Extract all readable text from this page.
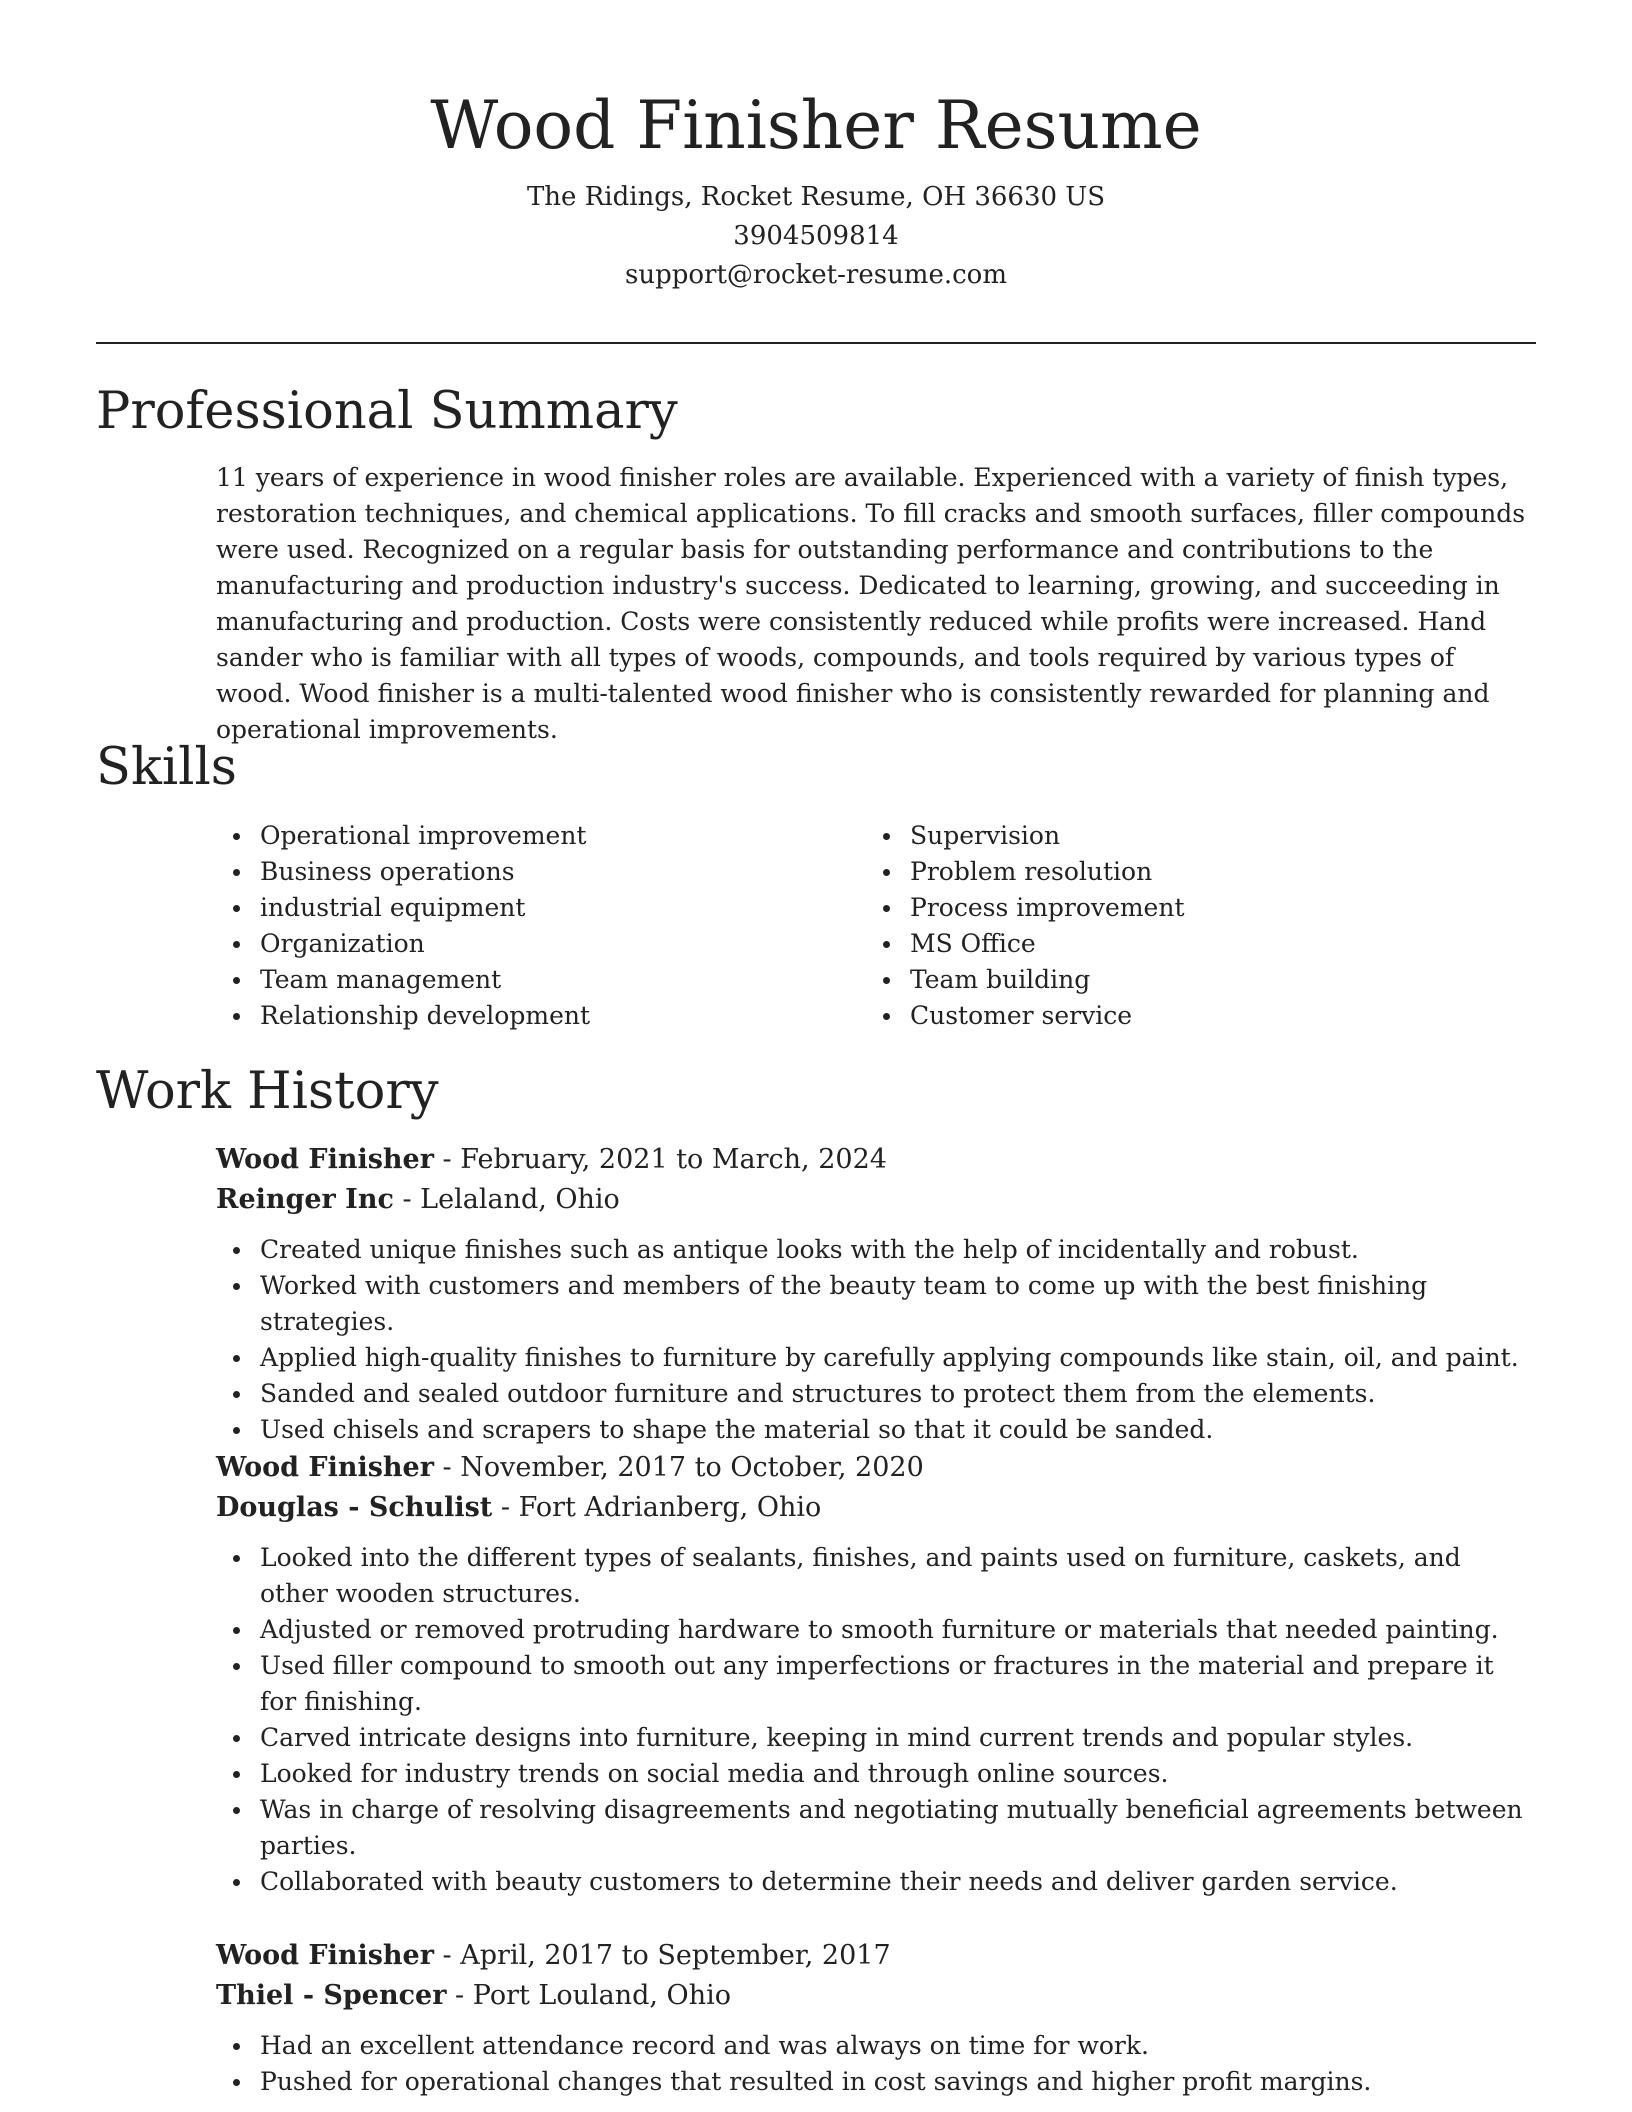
Wood Finisher Resume
The Ridings, Rocket Resume, OH 36630 US
3904509814
support@rocket-resume.com
Professional Summary
11 years of experience in wood finisher roles are available. Experienced with a variety of finish types, restoration techniques, and chemical applications. To fill cracks and smooth surfaces, filler compounds were used. Recognized on a regular basis for outstanding performance and contributions to the manufacturing and production industry's success. Dedicated to learning, growing, and succeeding in manufacturing and production. Costs were consistently reduced while profits were increased. Hand sander who is familiar with all types of woods, compounds, and tools required by various types of wood. Wood finisher is a multi-talented wood finisher who is consistently rewarded for planning and operational improvements.
Skills
Operational improvement
Business operations
industrial equipment
Organization
Team management
Relationship development
Supervision
Problem resolution
Process improvement
MS Office
Team building
Customer service
Work History
Wood Finisher - February, 2021 to March, 2024
Reinger Inc - Lelaland, Ohio
Created unique finishes such as antique looks with the help of incidentally and robust.
Worked with customers and members of the beauty team to come up with the best finishing strategies.
Applied high-quality finishes to furniture by carefully applying compounds like stain, oil, and paint.
Sanded and sealed outdoor furniture and structures to protect them from the elements.
Used chisels and scrapers to shape the material so that it could be sanded.
Wood Finisher - November, 2017 to October, 2020
Douglas - Schulist - Fort Adrianberg, Ohio
Looked into the different types of sealants, finishes, and paints used on furniture, caskets, and other wooden structures.
Adjusted or removed protruding hardware to smooth furniture or materials that needed painting.
Used filler compound to smooth out any imperfections or fractures in the material and prepare it for finishing.
Carved intricate designs into furniture, keeping in mind current trends and popular styles.
Looked for industry trends on social media and through online sources.
Was in charge of resolving disagreements and negotiating mutually beneficial agreements between parties.
Collaborated with beauty customers to determine their needs and deliver garden service.
Wood Finisher - April, 2017 to September, 2017
Thiel - Spencer - Port Louland, Ohio
Had an excellent attendance record and was always on time for work.
Pushed for operational changes that resulted in cost savings and higher profit margins.
